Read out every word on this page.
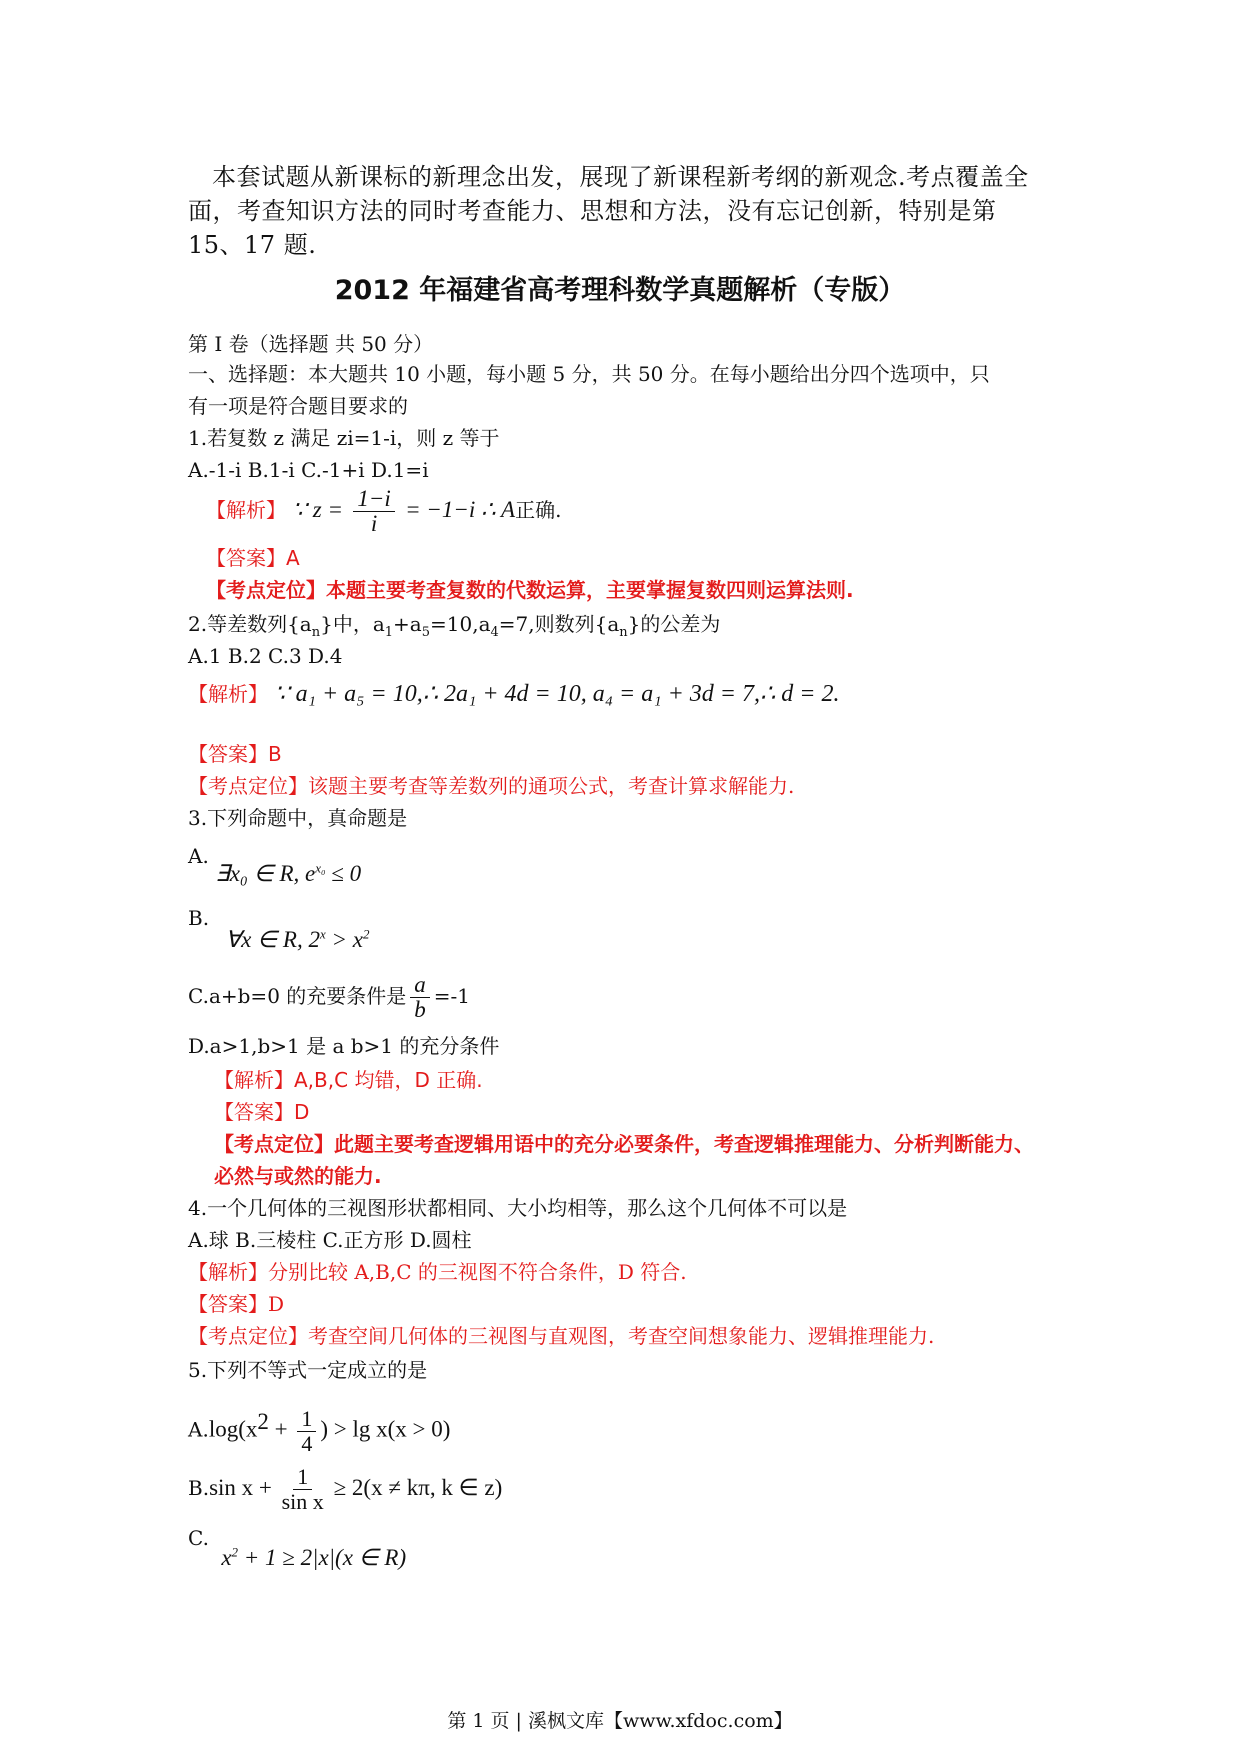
本套试题从新课标的新理念出发，展现了新课程新考纲的新观念.考点覆盖全
面，考查知识方法的同时考查能力、思想和方法，没有忘记创新，特别是第
15、17 题.
2012 年福建省高考理科数学真题解析（专版）
第 I 卷（选择题 共 50 分）
一、选择题：本大题共 10 小题，每小题 5 分，共 50 分。在每小题给出分四个选项中，只
有一项是符合题目要求的
1.若复数 z 满足 zi=1-i，则 z 等于
A.-1-i B.1-i C.-1+i D.1=i
【解析】 ∵ $z = \frac{1-i}{i} = -1-i$ ∴ A正确.
【答案】A
【考点定位】本题主要考查复数的代数运算，主要掌握复数四则运算法则.
2.等差数列$\{a_n\}$中，$a_1+a_5=10,a_4=7$,则数列$\{a_n\}$的公差为
A.1 B.2 C.3 D.4
【解析】 ∵ a₁ + a₅ = 10,∴ 2a₁ + 4d = 10, a₄ = a₁ + 3d = 7,∴ d = 2.
【答案】B
【考点定位】该题主要考查等差数列的通项公式，考查计算求解能力.
3.下列命题中，真命题是
A. ∃x₀ ∈ R, $e^{x_0} \le 0$
B. ∀x ∈ R, $2^x > x^2$
C.a+b=0 的充要条件是 $\frac{a}{b} =-1$
D.a>1,b>1 是 a b>1 的充分条件
【解析】A,B,C 均错，D 正确.
【答案】D
【考点定位】此题主要考查逻辑用语中的充分必要条件，考查逻辑推理能力、分析判断能力、
必然与或然的能力.
4.一个几何体的三视图形状都相同、大小均相等，那么这个几何体不可以是
A.球 B.三棱柱 C.正方形 D.圆柱
【解析】分别比较 A,B,C 的三视图不符合条件，D 符合.
【答案】D
【考点定位】考查空间几何体的三视图与直观图，考查空间想象能力、逻辑推理能力.
5.下列不等式一定成立的是
$A.\log(x^2 + \frac{1}{4}$ ) > lg x(x > 0)
B.sin $x + \frac{1}{\text{sin x}} \ge 2(x \ne k\pi$, k ∈ z)
C. $x^2 + 1 \ge 2|x|(x$ ∈ R)
第 1 页 | 溪枫文库【www.xfdoc.com】
